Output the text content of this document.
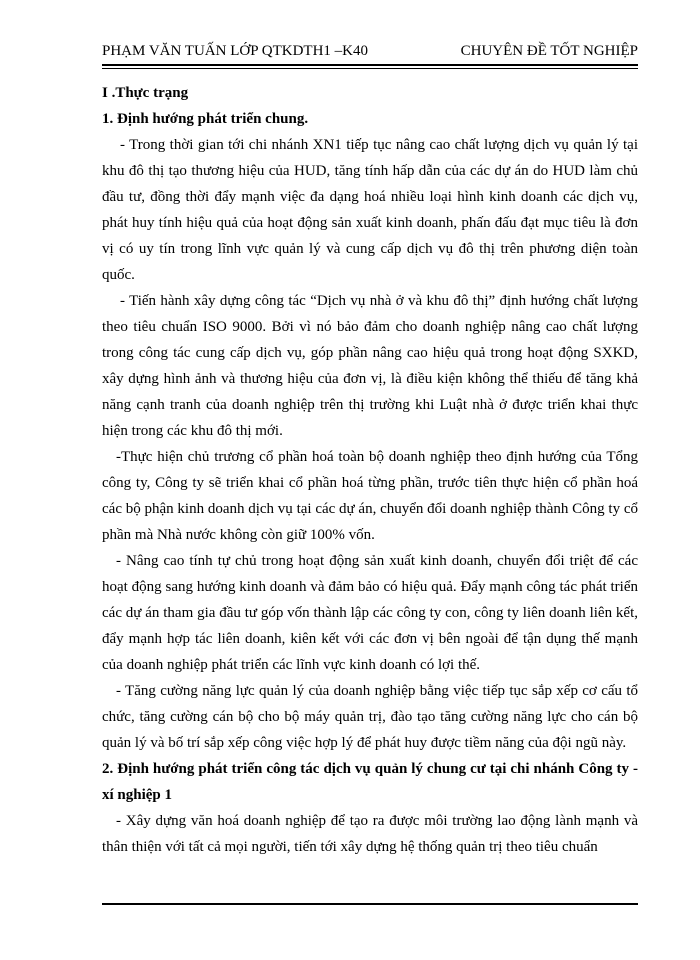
PHẠM VĂN TUẤN LỚP QTKDTH1 –K40	CHUYÊN ĐỀ TỐT NGHIỆP

I .Thực trạng

1. Định hướng phát triển chung.

- Trong thời gian tới chi nhánh XN1 tiếp tục nâng cao chất lượng dịch vụ quản lý tại khu đô thị tạo thương hiệu của HUD, tăng tính hấp dẫn của các dự án do HUD làm chủ đầu tư, đồng thời đẩy mạnh việc đa dạng hoá nhiều loại hình kinh doanh các dịch vụ, phát huy tính hiệu quả của hoạt động sản xuất kinh doanh, phấn đấu đạt mục tiêu là đơn vị có uy tín trong lĩnh vực quản lý và cung cấp dịch vụ đô thị trên phương diện toàn quốc.

- Tiến hành xây dựng công tác “Dịch vụ nhà ở và khu đô thị” định hướng chất lượng theo tiêu chuẩn ISO 9000. Bởi vì nó bảo đảm cho doanh nghiệp nâng cao chất lượng trong công tác cung cấp dịch vụ, góp phần nâng cao hiệu quả trong hoạt động SXKD, xây dựng hình ảnh và thương hiệu của đơn vị, là điều kiện không thể thiếu để tăng khả năng cạnh tranh của doanh nghiệp trên thị trường khi Luật nhà ở được triển khai thực hiện trong các khu đô thị mới.

-Thực hiện chủ trương cổ phần hoá toàn bộ doanh nghiệp theo định hướng của Tổng công ty, Công ty sẽ triển khai cổ phần hoá từng phần, trước tiên thực hiện cổ phần hoá các bộ phận kinh doanh dịch vụ tại các dự án, chuyển đổi doanh nghiệp thành Công ty cổ phần mà Nhà nước không còn giữ 100% vốn.

- Nâng cao tính tự chủ trong hoạt động sản xuất kinh doanh, chuyển đổi triệt để các hoạt động sang hướng kinh doanh và đảm bảo có hiệu quả. Đẩy mạnh công tác phát triển các dự án tham gia đầu tư góp vốn thành lập các công ty con, công ty liên doanh liên kết, đẩy mạnh hợp tác liên doanh, kiên kết với các đơn vị bên ngoài để tận dụng thế mạnh của doanh nghiệp phát triển các lĩnh vực kinh doanh có lợi thế.

- Tăng cường năng lực quản lý của doanh nghiệp bằng việc tiếp tục sắp xếp cơ cấu tổ chức, tăng cường cán bộ cho bộ máy quản trị, đào tạo tăng cường năng lực cho cán bộ quản lý và bố trí sắp xếp công việc hợp lý để phát huy được tiềm năng của đội ngũ này.

2. Định hướng phát triển công tác dịch vụ quản lý chung cư tại chi nhánh Công ty - xí nghiệp 1

- Xây dựng văn hoá doanh nghiệp để tạo ra được môi trường lao động lành mạnh và thân thiện với tất cả mọi người, tiến tới xây dựng hệ thống quản trị theo tiêu chuẩn
